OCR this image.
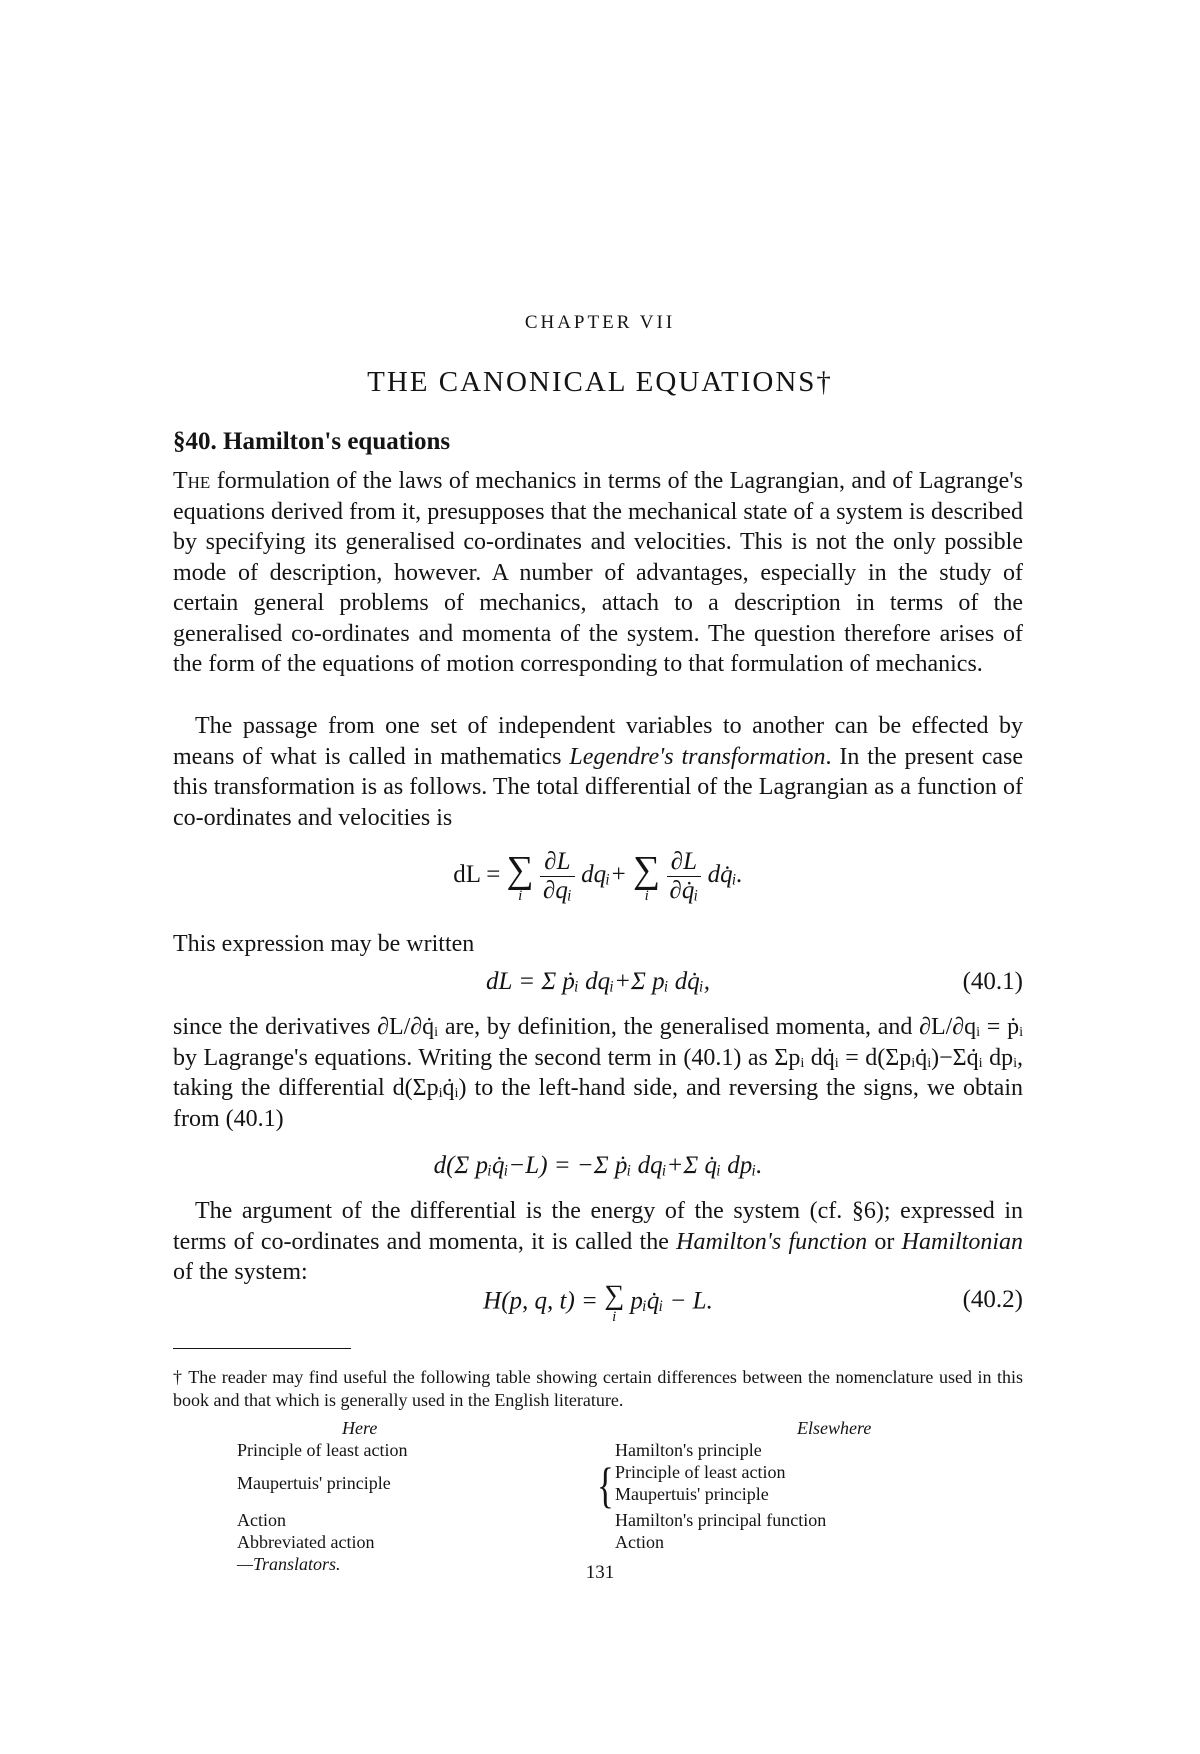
CHAPTER VII
THE CANONICAL EQUATIONS†
§40. Hamilton's equations
The formulation of the laws of mechanics in terms of the Lagrangian, and of Lagrange's equations derived from it, presupposes that the mechanical state of a system is described by specifying its generalised co-ordinates and velocities. This is not the only possible mode of description, however. A number of advantages, especially in the study of certain general problems of mechanics, attach to a description in terms of the generalised co-ordinates and momenta of the system. The question therefore arises of the form of the equations of motion corresponding to that formulation of mechanics.
The passage from one set of independent variables to another can be effected by means of what is called in mathematics Legendre's transformation. In the present case this transformation is as follows. The total differential of the Lagrangian as a function of co-ordinates and velocities is
dL = ∑
i
$\frac{\partial L}{\text{∂qᵢ}}$ dqᵢ+ ∑
i
$\frac{\partial L}{\text{∂q̇ᵢ}}$ dq̇ᵢ.
This expression may be written
dL = Σ ṗᵢ dqᵢ+Σ pᵢ dq̇ᵢ,	(40.1)
since the derivatives ∂L/∂q̇ᵢ are, by definition, the generalised momenta, and ∂L/∂qᵢ = ṗᵢ by Lagrange's equations. Writing the second term in (40.1) as Σpᵢ dq̇ᵢ = d(Σpᵢq̇ᵢ)−Σq̇ᵢ dpᵢ, taking the differential d(Σpᵢq̇ᵢ) to the left-hand side, and reversing the signs, we obtain from (40.1)
d(Σ pᵢq̇ᵢ−L) = −Σ ṗᵢ dqᵢ+Σ q̇ᵢ dpᵢ.
The argument of the differential is the energy of the system (cf. §6); expressed in terms of co-ordinates and momenta, it is called the Hamilton's function or Hamiltonian of the system:
H(p, q, t) = ∑
i
pᵢq̇ᵢ − L.	(40.2)
† The reader may find useful the following table showing certain differences between the nomenclature used in this book and that which is generally used in the English literature.
Here	Elsewhere
Principle of least action	Hamilton's principle
Maupertuis' principle	{ Principle of least action
Maupertuis' principle
Action	Hamilton's principal function
Abbreviated action	Action
—Translators.	131
